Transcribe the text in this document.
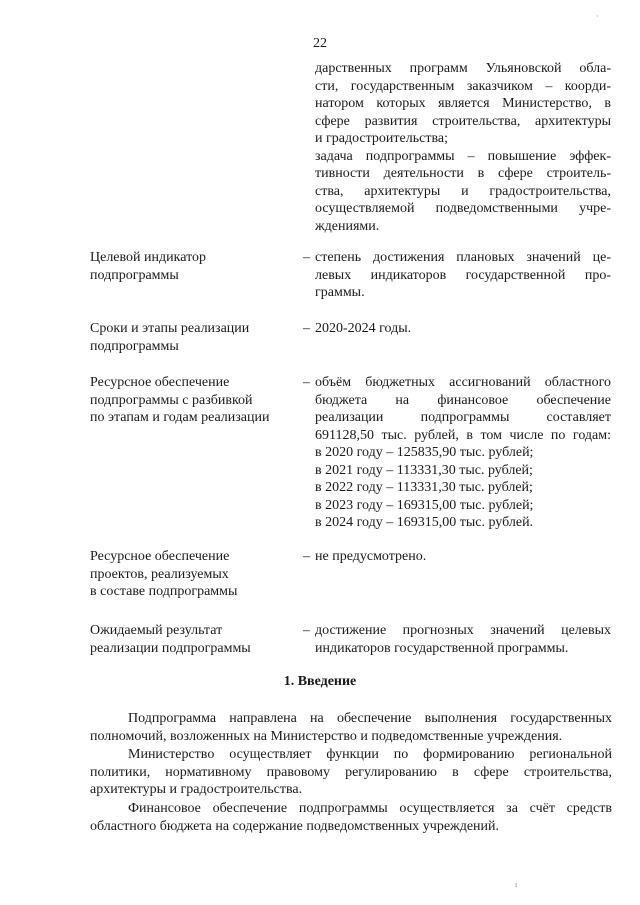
22
дарственных программ Ульяновской обла-
сти, государственным заказчиком – коорди-
натором которых является Министерство, в
сфере развития строительства, архитектуры
и градостроительства;
задача подпрограммы – повышение эффек-
тивности деятельности в сфере строитель-
ства, архитектуры и градостроительства,
осуществляемой подведомственными учре-
ждениями.
Целевой индикатор
подпрограммы
– степень достижения плановых значений це-
левых индикаторов государственной про-
граммы.
Сроки и этапы реализации
подпрограммы
– 2020-2024 годы.
Ресурсное обеспечение
подпрограммы с разбивкой
по этапам и годам реализации
– объём бюджетных ассигнований областного
бюджета на финансовое обеспечение
реализации подпрограммы составляет
691128,50 тыс. рублей, в том числе по годам:
в 2020 году – 125835,90 тыс. рублей;
в 2021 году – 113331,30 тыс. рублей;
в 2022 году – 113331,30 тыс. рублей;
в 2023 году – 169315,00 тыс. рублей;
в 2024 году – 169315,00 тыс. рублей.
Ресурсное обеспечение
проектов, реализуемых
в составе подпрограммы
– не предусмотрено.
Ожидаемый результат
реализации подпрограммы
– достижение прогнозных значений целевых
индикаторов государственной программы.
1. Введение
Подпрограмма направлена на обеспечение выполнения государственных
полномочий, возложенных на Министерство и подведомственные учреждения.
Министерство осуществляет функции по формированию региональной
политики, нормативному правовому регулированию в сфере строительства,
архитектуры и градостроительства.
Финансовое обеспечение подпрограммы осуществляется за счёт средств
областного бюджета на содержание подведомственных учреждений.
·
ı
